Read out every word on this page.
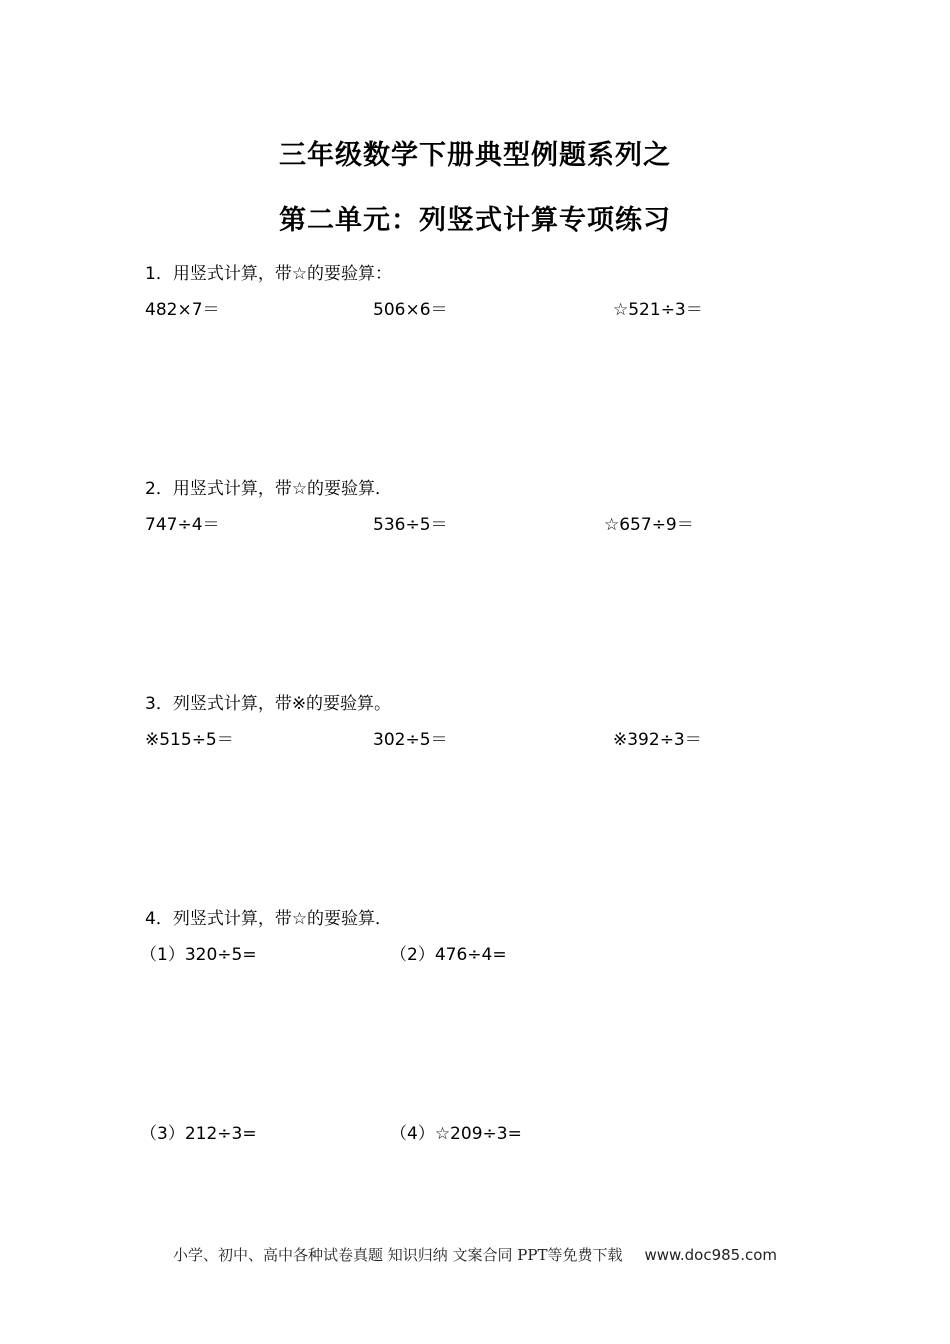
三年级数学下册典型例题系列之
第二单元：列竖式计算专项练习
1．用竖式计算，带☆的要验算：
482×7＝	506×6＝	☆521÷3＝
2．用竖式计算，带☆的要验算．
747÷4＝	536÷5＝	☆657÷9＝
3．列竖式计算，带※的要验算。
※515÷5＝	302÷5＝	※392÷3＝
4．列竖式计算，带☆的要验算．
（1）320÷5=	（2）476÷4=
（3）212÷3=	（4）☆209÷3=
小学、初中、高中各种试卷真题 知识归纳 文案合同 PPT等免费下载 www.doc985.com
